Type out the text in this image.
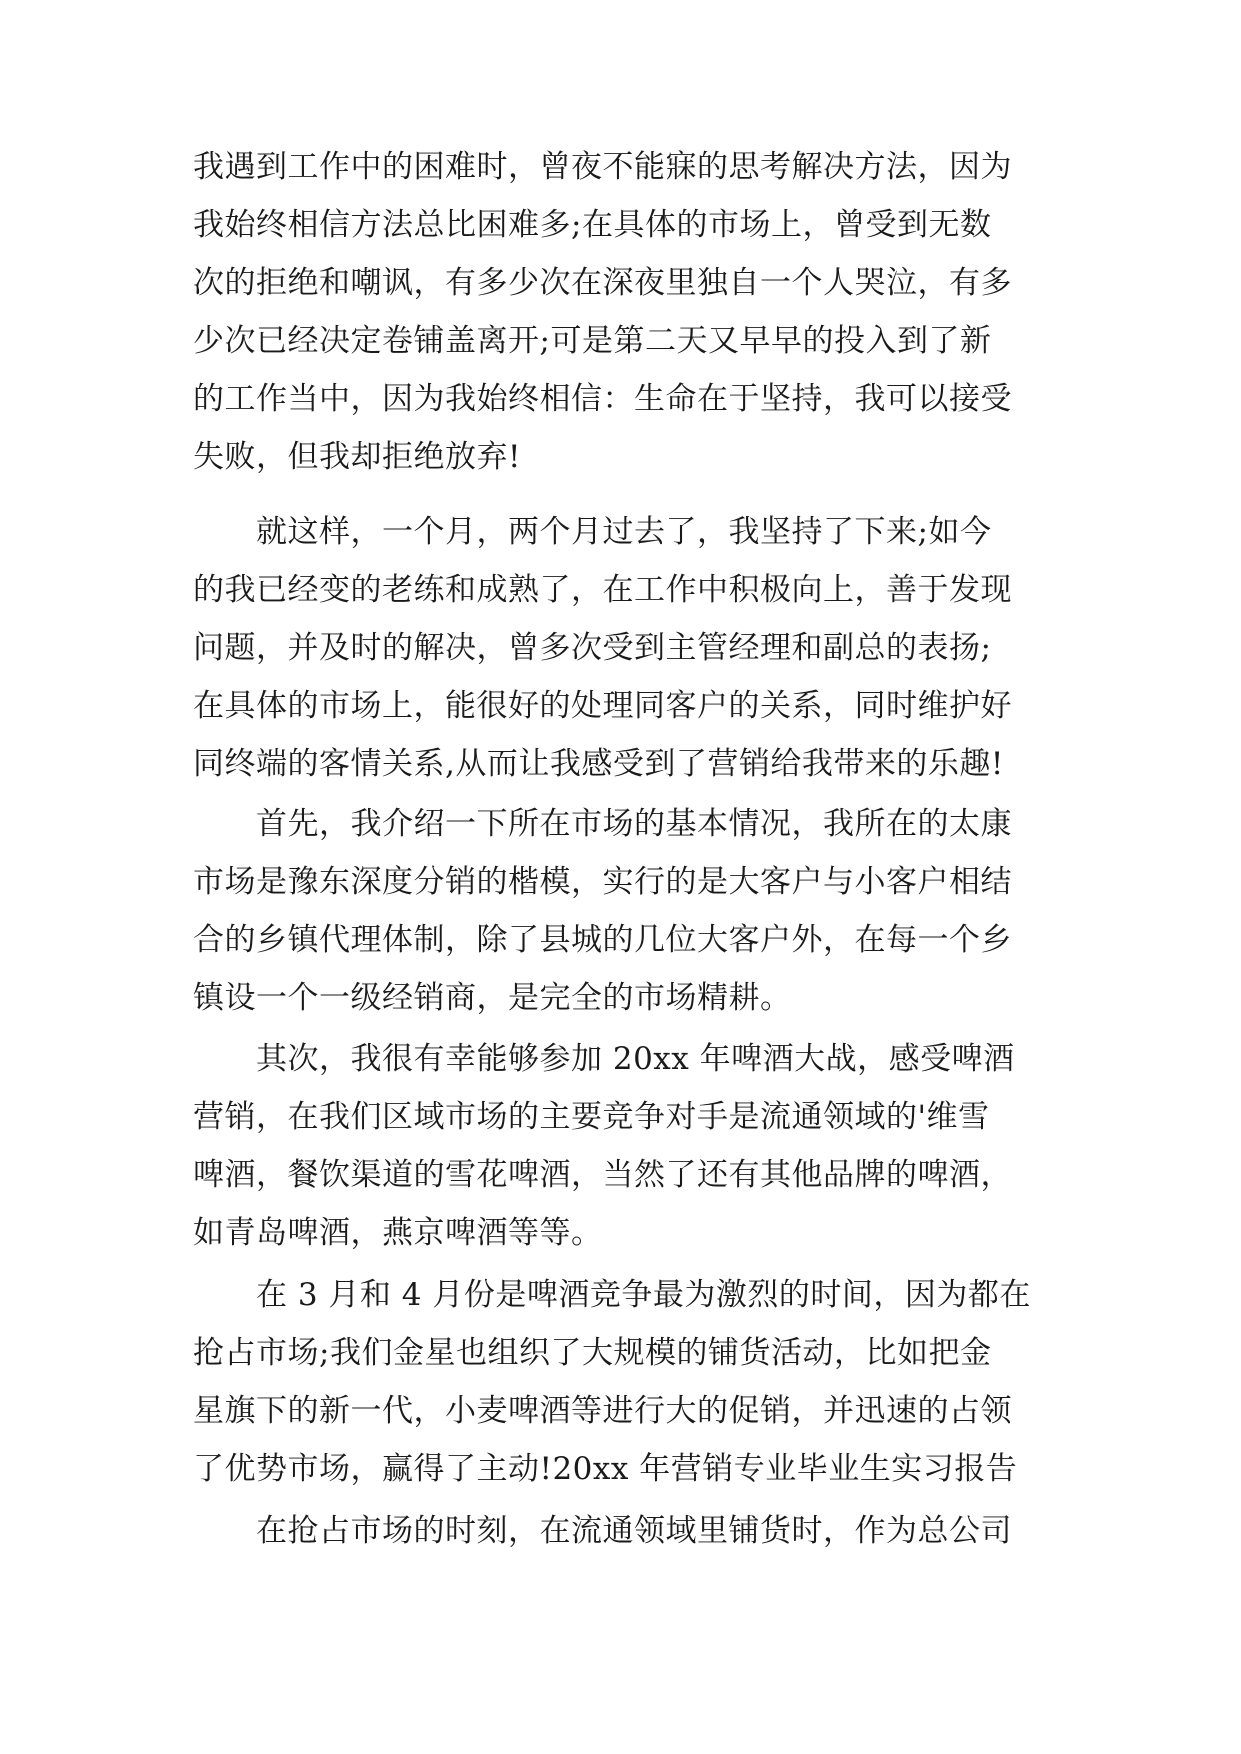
我遇到工作中的困难时，曾夜不能寐的思考解决方法，因为
我始终相信方法总比困难多;在具体的市场上，曾受到无数
次的拒绝和嘲讽，有多少次在深夜里独自一个人哭泣，有多
少次已经决定卷铺盖离开;可是第二天又早早的投入到了新
的工作当中，因为我始终相信：生命在于坚持，我可以接受
失败，但我却拒绝放弃!
就这样，一个月，两个月过去了，我坚持了下来;如今
的我已经变的老练和成熟了，在工作中积极向上，善于发现
问题，并及时的解决，曾多次受到主管经理和副总的表扬;
在具体的市场上，能很好的处理同客户的关系，同时维护好
同终端的客情关系,从而让我感受到了营销给我带来的乐趣!
首先，我介绍一下所在市场的基本情况，我所在的太康
市场是豫东深度分销的楷模，实行的是大客户与小客户相结
合的乡镇代理体制，除了县城的几位大客户外，在每一个乡
镇设一个一级经销商，是完全的市场精耕。
其次，我很有幸能够参加 20xx 年啤酒大战，感受啤酒
营销，在我们区域市场的主要竞争对手是流通领域的'维雪
啤酒，餐饮渠道的雪花啤酒，当然了还有其他品牌的啤酒，
如青岛啤酒，燕京啤酒等等。
在 3 月和 4 月份是啤酒竞争最为激烈的时间，因为都在
抢占市场;我们金星也组织了大规模的铺货活动，比如把金
星旗下的新一代，小麦啤酒等进行大的促销，并迅速的占领
了优势市场，赢得了主动!20xx 年营销专业毕业生实习报告
在抢占市场的时刻，在流通领域里铺货时，作为总公司
